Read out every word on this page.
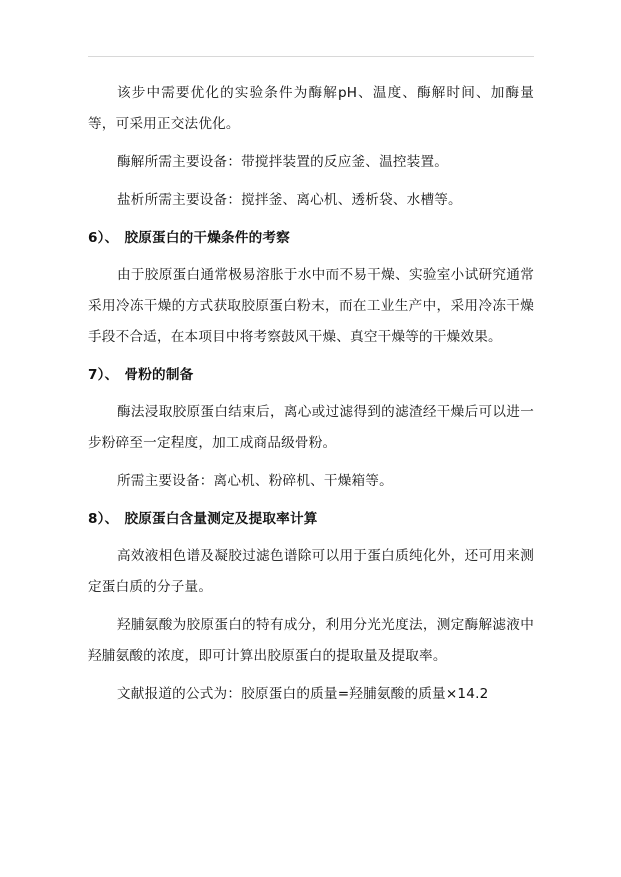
该步中需要优化的实验条件为酶解pH、温度、酶解时间、加酶量等，可采用正交法优化。

酶解所需主要设备：带搅拌装置的反应釜、温控装置。

盐析所需主要设备：搅拌釜、离心机、透析袋、水槽等。

6）、 胶原蛋白的干燥条件的考察

由于胶原蛋白通常极易溶胀于水中而不易干燥、实验室小试研究通常采用冷冻干燥的方式获取胶原蛋白粉末，而在工业生产中，采用冷冻干燥手段不合适，在本项目中将考察鼓风干燥、真空干燥等的干燥效果。

7）、 骨粉的制备

酶法浸取胶原蛋白结束后，离心或过滤得到的滤渣经干燥后可以进一步粉碎至一定程度，加工成商品级骨粉。

所需主要设备：离心机、粉碎机、干燥箱等。

8）、 胶原蛋白含量测定及提取率计算

高效液相色谱及凝胶过滤色谱除可以用于蛋白质纯化外，还可用来测定蛋白质的分子量。

羟脯氨酸为胶原蛋白的特有成分，利用分光光度法，测定酶解滤液中羟脯氨酸的浓度，即可计算出胶原蛋白的提取量及提取率。

文献报道的公式为：胶原蛋白的质量=羟脯氨酸的质量×14.2
